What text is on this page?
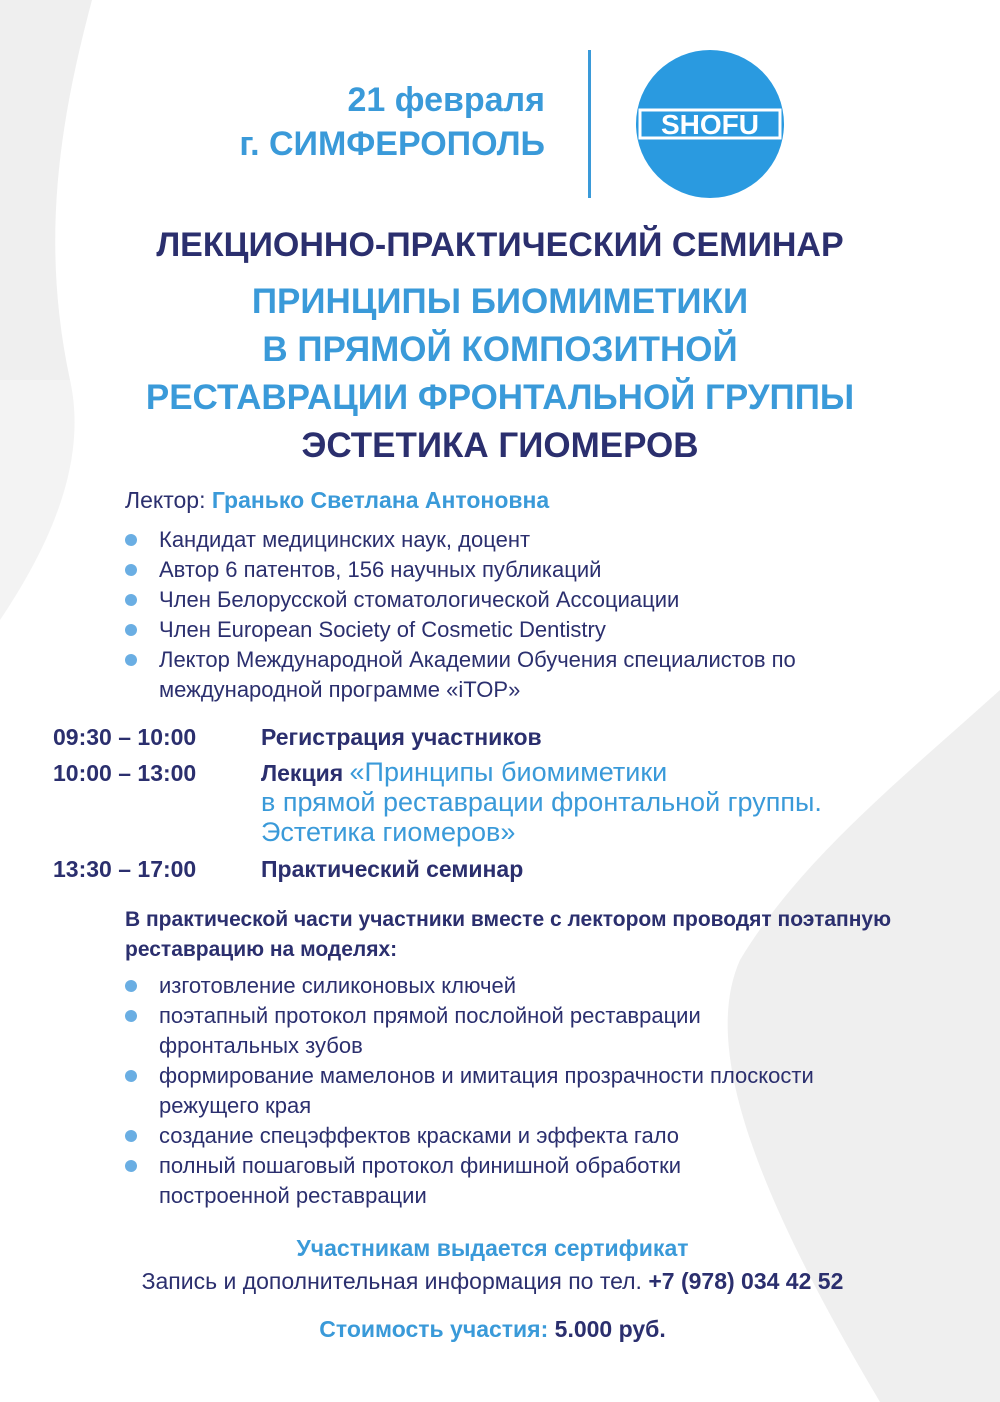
21 февраля
г. СИМФЕРОПОЛЬ
SHOFU
ЛЕКЦИОННО-ПРАКТИЧЕСКИЙ СЕМИНАР
ПРИНЦИПЫ БИОМИМЕТИКИ
В ПРЯМОЙ КОМПОЗИТНОЙ
РЕСТАВРАЦИИ ФРОНТАЛЬНОЙ ГРУППЫ
ЭСТЕТИКА ГИОМЕРОВ
Лектор: Гранько Светлана Антоновна
Кандидат медицинских наук, доцент
Автор 6 патентов, 156 научных публикаций
Член Белорусской стоматологической Ассоциации
Член European Society of Cosmetic Dentistry
Лектор Международной Академии Обучения специалистов по международной программе «iTOP»
09:30 – 10:00	Регистрация участников
10:00 – 13:00	Лекция «Принципы биомиметики
в прямой реставрации фронтальной группы.
Эстетика гиомеров»
13:30 – 17:00	Практический семинар
В практической части участники вместе с лектором проводят поэтапную реставрацию на моделях:
изготовление силиконовых ключей
поэтапный протокол прямой послойной реставрации фронтальных зубов
формирование мамелонов и имитация прозрачности плоскости режущего края
создание спецэффектов красками и эффекта гало
полный пошаговый протокол финишной обработки построенной реставрации
Участникам выдается сертификат
Запись и дополнительная информация по тел. +7 (978) 034 42 52
Стоимость участия: 5.000 руб.
